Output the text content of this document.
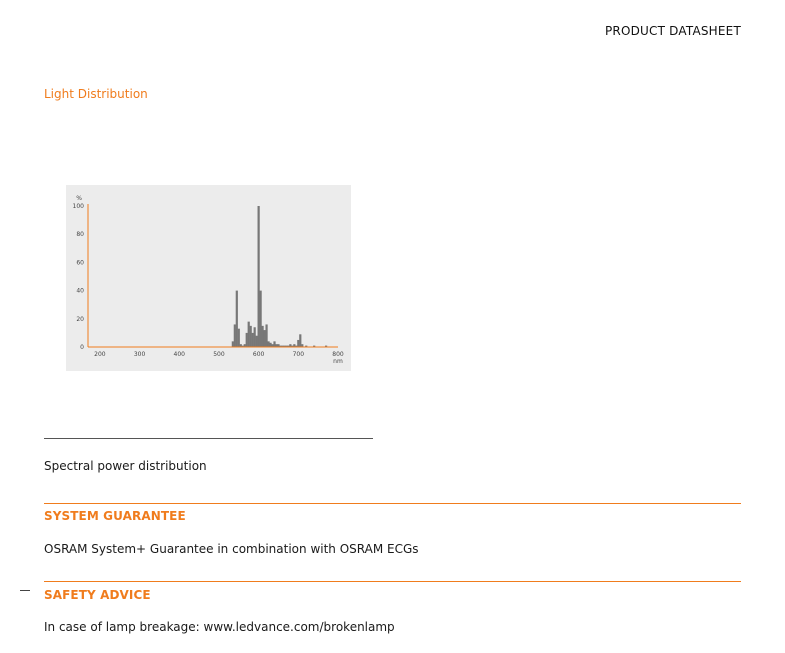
PRODUCT DATASHEET
Light Distribution
0
20
40
60
80
100
%
200	300	400	500	600	700	800
nm
Spectral power distribution
SYSTEM GUARANTEE
OSRAM System+ Guarantee in combination with OSRAM ECGs
SAFETY ADVICE
In case of lamp breakage: www.ledvance.com/brokenlamp
